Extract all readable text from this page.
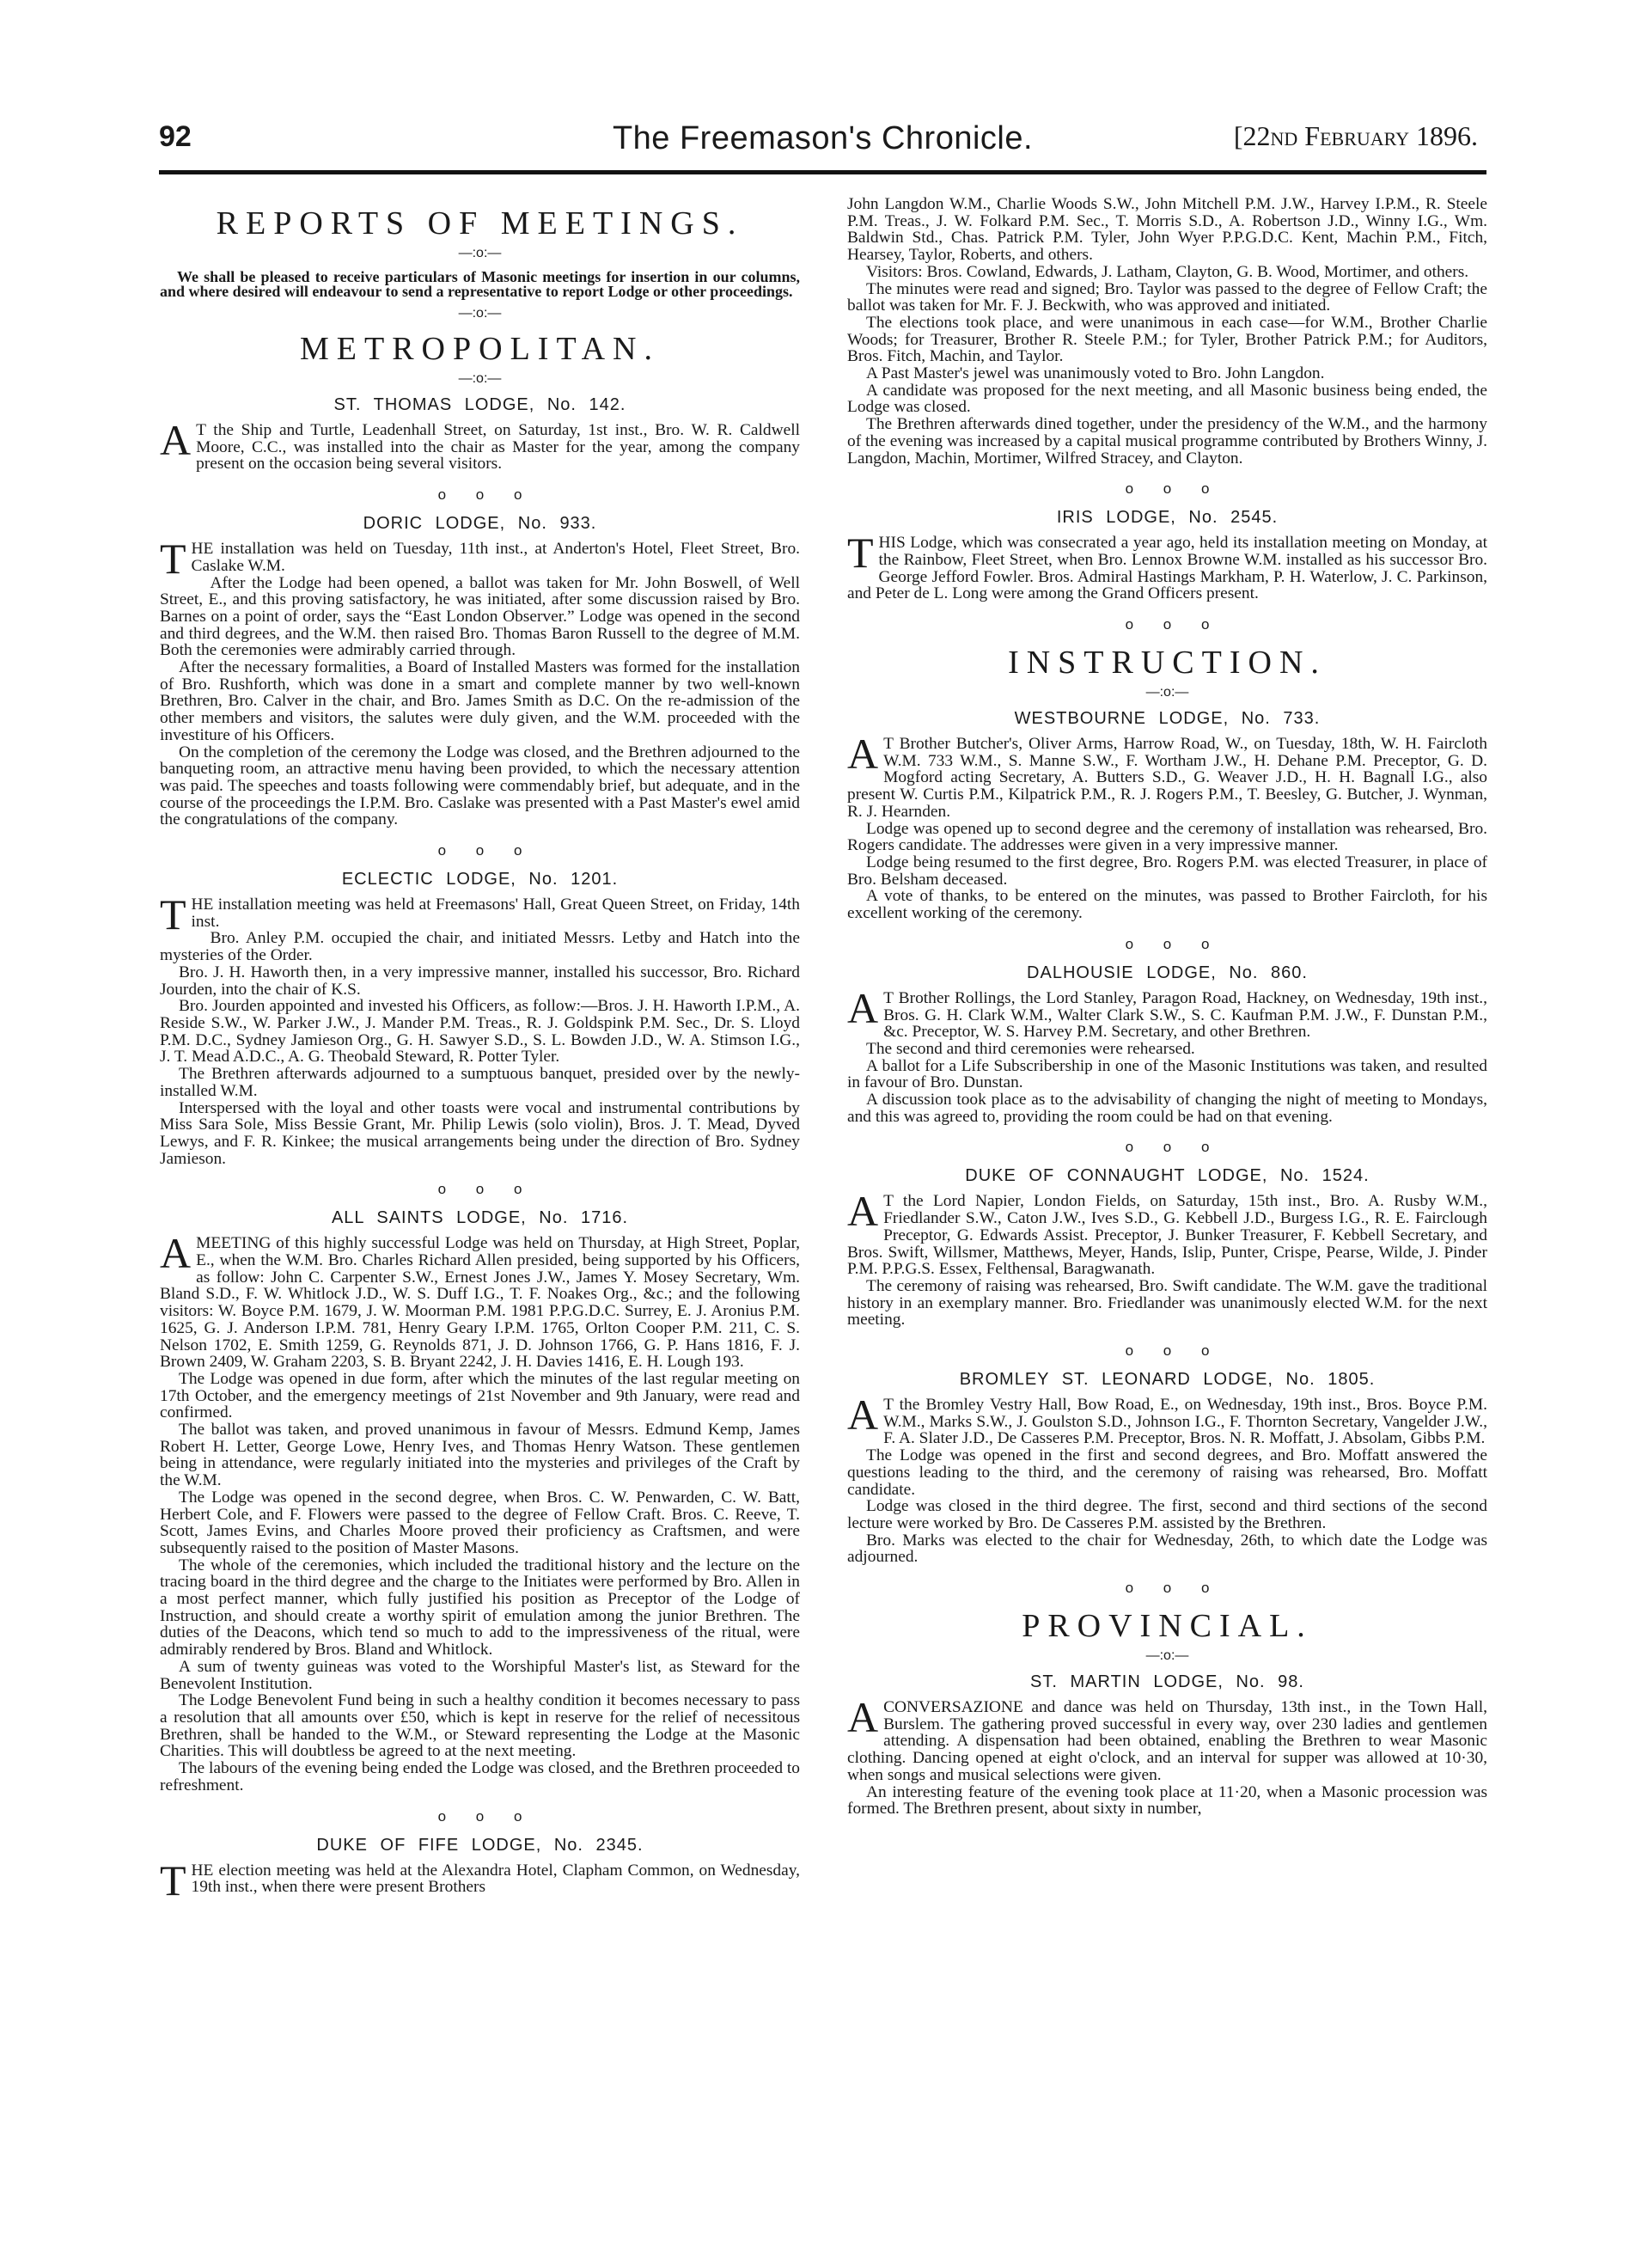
92	The Freemason's Chronicle.	[22nd February 1896.
REPORTS OF MEETINGS.
—:o:—

We shall be pleased to receive particulars of Masonic meetings for insertion in our columns, and where desired will endeavour to send a representative to report Lodge or other proceedings.

—:o:—
METROPOLITAN.
—:o:—
ST. THOMAS LODGE, No. 142.

A T the Ship and Turtle, Leadenhall Street, on Saturday, 1st inst., Bro. W. R. Caldwell Moore, C.C., was installed into the chair as Master for the year, among the company present on the occasion being several visitors.

o o o
DORIC LODGE, No. 933.

THE installation was held on Tuesday, 11th inst., at Anderton's Hotel, Fleet Street, Bro. Caslake W.M.

After the Lodge had been opened, a ballot was taken for Mr. John Boswell, of Well Street, E., and this proving satisfactory, he was initiated, after some discussion raised by Bro. Barnes on a point of order, says the “East London Observer.” Lodge was opened in the second and third degrees, and the W.M. then raised Bro. Thomas Baron Russell to the degree of M.M. Both the ceremonies were admirably carried through.

After the necessary formalities, a Board of Installed Masters was formed for the installation of Bro. Rushforth, which was done in a smart and complete manner by two well-known Brethren, Bro. Calver in the chair, and Bro. James Smith as D.C. On the re-admission of the other members and visitors, the salutes were duly given, and the W.M. proceeded with the investiture of his Officers.

On the completion of the ceremony the Lodge was closed, and the Brethren adjourned to the banqueting room, an attractive menu having been provided, to which the necessary attention was paid. The speeches and toasts following were commendably brief, but adequate, and in the course of the proceedings the I.P.M. Bro. Caslake was presented with a Past Master's ewel amid the congratulations of the company.

o o o
ECLECTIC LODGE, No. 1201.

THE installation meeting was held at Freemasons' Hall, Great Queen Street, on Friday, 14th inst.

Bro. Anley P.M. occupied the chair, and initiated Messrs. Letby and Hatch into the mysteries of the Order.

Bro. J. H. Haworth then, in a very impressive manner, installed his successor, Bro. Richard Jourden, into the chair of K.S.

Bro. Jourden appointed and invested his Officers, as follow:—Bros. J. H. Haworth I.P.M., A. Reside S.W., W. Parker J.W., J. Mander P.M. Treas., R. J. Goldspink P.M. Sec., Dr. S. Lloyd P.M. D.C., Sydney Jamieson Org., G. H. Sawyer S.D., S. L. Bowden J.D., W. A. Stimson I.G., J. T. Mead A.D.C., A. G. Theobald Steward, R. Potter Tyler.

The Brethren afterwards adjourned to a sumptuous banquet, presided over by the newly-installed W.M.

Interspersed with the loyal and other toasts were vocal and instrumental contributions by Miss Sara Sole, Miss Bessie Grant, Mr. Philip Lewis (solo violin), Bros. J. T. Mead, Dyved Lewys, and F. R. Kinkee; the musical arrangements being under the direction of Bro. Sydney Jamieson.

o o o
ALL SAINTS LODGE, No. 1716.

A MEETING of this highly successful Lodge was held on Thursday, at High Street, Poplar, E., when the W.M. Bro. Charles Richard Allen presided, being supported by his Officers, as follow: John C. Carpenter S.W., Ernest Jones J.W., James Y. Mosey Secretary, Wm. Bland S.D., F. W. Whitlock J.D., W. S. Duff I.G., T. F. Noakes Org., &c.; and the following visitors: W. Boyce P.M. 1679, J. W. Moorman P.M. 1981 P.P.G.D.C. Surrey, E. J. Aronius P.M. 1625, G. J. Anderson I.P.M. 781, Henry Geary I.P.M. 1765, Orlton Cooper P.M. 211, C. S. Nelson 1702, E. Smith 1259, G. Reynolds 871, J. D. Johnson 1766, G. P. Hans 1816, F. J. Brown 2409, W. Graham 2203, S. B. Bryant 2242, J. H. Davies 1416, E. H. Lough 193.

The Lodge was opened in due form, after which the minutes of the last regular meeting on 17th October, and the emergency meetings of 21st November and 9th January, were read and confirmed.

The ballot was taken, and proved unanimous in favour of Messrs. Edmund Kemp, James Robert H. Letter, George Lowe, Henry Ives, and Thomas Henry Watson. These gentlemen being in attendance, were regularly initiated into the mysteries and privileges of the Craft by the W.M.

The Lodge was opened in the second degree, when Bros. C. W. Penwarden, C. W. Batt, Herbert Cole, and F. Flowers were passed to the degree of Fellow Craft. Bros. C. Reeve, T. Scott, James Evins, and Charles Moore proved their proficiency as Craftsmen, and were subsequently raised to the position of Master Masons.

The whole of the ceremonies, which included the traditional history and the lecture on the tracing board in the third degree and the charge to the Initiates were performed by Bro. Allen in a most perfect manner, which fully justified his position as Preceptor of the Lodge of Instruction, and should create a worthy spirit of emulation among the junior Brethren. The duties of the Deacons, which tend so much to add to the impressiveness of the ritual, were admirably rendered by Bros. Bland and Whitlock.

A sum of twenty guineas was voted to the Worshipful Master's list, as Steward for the Benevolent Institution.

The Lodge Benevolent Fund being in such a healthy condition it becomes necessary to pass a resolution that all amounts over £50, which is kept in reserve for the relief of necessitous Brethren, shall be handed to the W.M., or Steward representing the Lodge at the Masonic Charities. This will doubtless be agreed to at the next meeting.

The labours of the evening being ended the Lodge was closed, and the Brethren proceeded to refreshment.

o o o
DUKE OF FIFE LODGE, No. 2345.

THE election meeting was held at the Alexandra Hotel, Clapham Common, on Wednesday, 19th inst., when there were present Brothers

John Langdon W.M., Charlie Woods S.W., John Mitchell P.M. J.W., Harvey I.P.M., R. Steele P.M. Treas., J. W. Folkard P.M. Sec., T. Morris S.D., A. Robertson J.D., Winny I.G., Wm. Baldwin Std., Chas. Patrick P.M. Tyler, John Wyer P.P.G.D.C. Kent, Machin P.M., Fitch, Hearsey, Taylor, Roberts, and others.

Visitors: Bros. Cowland, Edwards, J. Latham, Clayton, G. B. Wood, Mortimer, and others.

The minutes were read and signed; Bro. Taylor was passed to the degree of Fellow Craft; the ballot was taken for Mr. F. J. Beckwith, who was approved and initiated.

The elections took place, and were unanimous in each case—for W.M., Brother Charlie Woods; for Treasurer, Brother R. Steele P.M.; for Tyler, Brother Patrick P.M.; for Auditors, Bros. Fitch, Machin, and Taylor.

A Past Master's jewel was unanimously voted to Bro. John Langdon.

A candidate was proposed for the next meeting, and all Masonic business being ended, the Lodge was closed.

The Brethren afterwards dined together, under the presidency of the W.M., and the harmony of the evening was increased by a capital musical programme contributed by Brothers Winny, J. Langdon, Machin, Mortimer, Wilfred Stracey, and Clayton.

o o o
IRIS LODGE, No. 2545.

THIS Lodge, which was consecrated a year ago, held its installation meeting on Monday, at the Rainbow, Fleet Street, when Bro. Lennox Browne W.M. installed as his successor Bro. George Jefford Fowler. Bros. Admiral Hastings Markham, P. H. Waterlow, J. C. Parkinson, and Peter de L. Long were among the Grand Officers present.

o o o
INSTRUCTION.
—:o:—
WESTBOURNE LODGE, No. 733.

A T Brother Butcher's, Oliver Arms, Harrow Road, W., on Tuesday, 18th, W. H. Faircloth W.M. 733 W.M., S. Manne S.W., F. Wortham J.W., H. Dehane P.M. Preceptor, G. D. Mogford acting Secretary, A. Butters S.D., G. Weaver J.D., H. H. Bagnall I.G., also present W. Curtis P.M., Kilpatrick P.M., R. J. Rogers P.M., T. Beesley, G. Butcher, J. Wynman, R. J. Hearnden.

Lodge was opened up to second degree and the ceremony of installation was rehearsed, Bro. Rogers candidate. The addresses were given in a very impressive manner.

Lodge being resumed to the first degree, Bro. Rogers P.M. was elected Treasurer, in place of Bro. Belsham deceased.

A vote of thanks, to be entered on the minutes, was passed to Brother Faircloth, for his excellent working of the ceremony.

o o o
DALHOUSIE LODGE, No. 860.

A T Brother Rollings, the Lord Stanley, Paragon Road, Hackney, on Wednesday, 19th inst., Bros. G. H. Clark W.M., Walter Clark S.W., S. C. Kaufman P.M. J.W., F. Dunstan P.M., &c. Preceptor, W. S. Harvey P.M. Secretary, and other Brethren.

The second and third ceremonies were rehearsed.

A ballot for a Life Subscribership in one of the Masonic Institutions was taken, and resulted in favour of Bro. Dunstan.

A discussion took place as to the advisability of changing the night of meeting to Mondays, and this was agreed to, providing the room could be had on that evening.

o o o
DUKE OF CONNAUGHT LODGE, No. 1524.

A T the Lord Napier, London Fields, on Saturday, 15th inst., Bro. A. Rusby W.M., Friedlander S.W., Caton J.W., Ives S.D., G. Kebbell J.D., Burgess I.G., R. E. Fairclough Preceptor, G. Edwards Assist. Preceptor, J. Bunker Treasurer, F. Kebbell Secretary, and Bros. Swift, Willsmer, Matthews, Meyer, Hands, Islip, Punter, Crispe, Pearse, Wilde, J. Pinder P.M. P.P.G.S. Essex, Felthensal, Baragwanath.

The ceremony of raising was rehearsed, Bro. Swift candidate. The W.M. gave the traditional history in an exemplary manner. Bro. Friedlander was unanimously elected W.M. for the next meeting.

o o o
BROMLEY ST. LEONARD LODGE, No. 1805.

A T the Bromley Vestry Hall, Bow Road, E., on Wednesday, 19th inst., Bros. Boyce P.M. W.M., Marks S.W., J. Goulston S.D., Johnson I.G., F. Thornton Secretary, Vangelder J.W., F. A. Slater J.D., De Casseres P.M. Preceptor, Bros. N. R. Moffatt, J. Absolam, Gibbs P.M.

The Lodge was opened in the first and second degrees, and Bro. Moffatt answered the questions leading to the third, and the ceremony of raising was rehearsed, Bro. Moffatt candidate.

Lodge was closed in the third degree. The first, second and third sections of the second lecture were worked by Bro. De Casseres P.M. assisted by the Brethren.

Bro. Marks was elected to the chair for Wednesday, 26th, to which date the Lodge was adjourned.

o o o
PROVINCIAL.
—:o:—
ST. MARTIN LODGE, No. 98.

A CONVERSAZIONE and dance was held on Thursday, 13th inst., in the Town Hall, Burslem. The gathering proved successful in every way, over 230 ladies and gentlemen attending. A dispensation had been obtained, enabling the Brethren to wear Masonic clothing. Dancing opened at eight o'clock, and an interval for supper was allowed at 10·30, when songs and musical selections were given.

An interesting feature of the evening took place at 11·20, when a Masonic procession was formed. The Brethren present, about sixty in number,
